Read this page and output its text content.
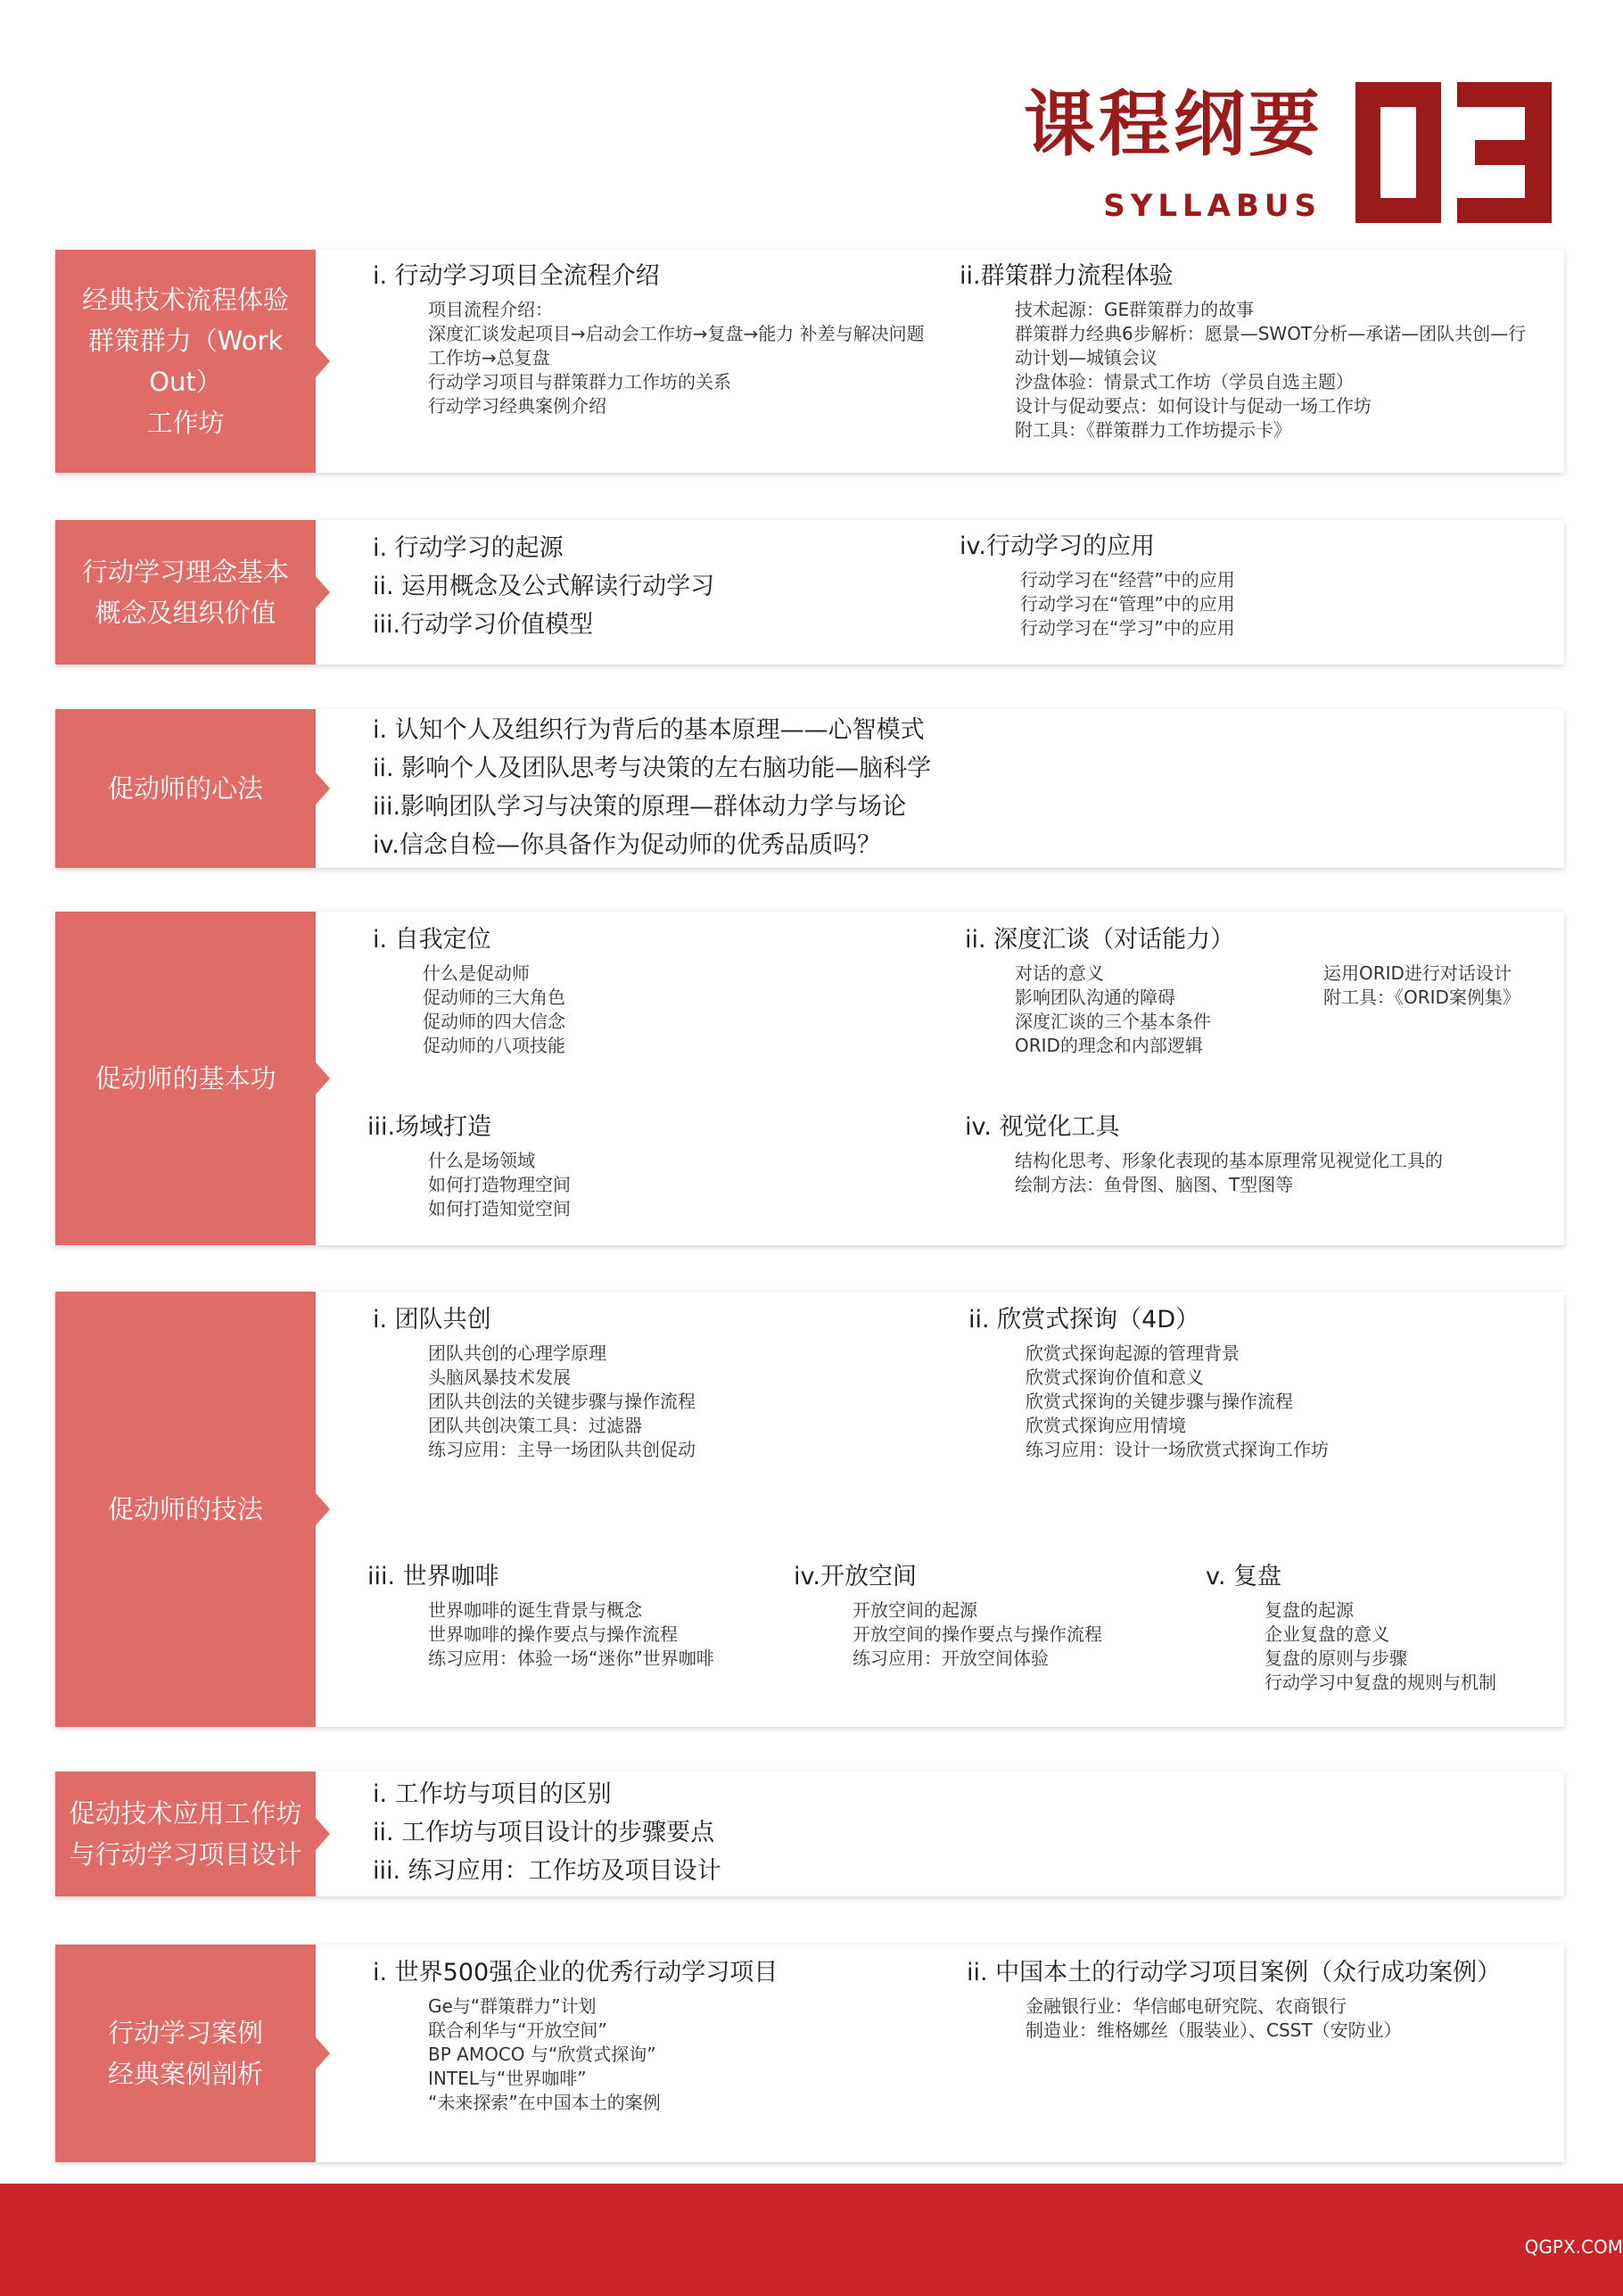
课程纲要
SYLLABUS
经典技术流程体验
群策群力（Work Out）
工作坊
i. 行动学习项目全流程介绍
项目流程介绍：
深度汇谈发起项目→启动会工作坊→复盘→能力 补差与解决问题工作坊→总复盘
行动学习项目与群策群力工作坊的关系
行动学习经典案例介绍
ii.群策群力流程体验
技术起源：GE群策群力的故事
群策群力经典6步解析：愿景—SWOT分析—承诺—团队共创—行动计划—城镇会议
沙盘体验：情景式工作坊（学员自选主题）
设计与促动要点：如何设计与促动一场工作坊
附工具：《群策群力工作坊提示卡》
行动学习理念基本
概念及组织价值
i. 行动学习的起源
ii. 运用概念及公式解读行动学习
iii.行动学习价值模型
iv.行动学习的应用
行动学习在“经营”中的应用
行动学习在“管理”中的应用
行动学习在“学习”中的应用
促动师的心法
i. 认知个人及组织行为背后的基本原理——心智模式
ii. 影响个人及团队思考与决策的左右脑功能—脑科学
iii.影响团队学习与决策的原理—群体动力学与场论
iv.信念自检—你具备作为促动师的优秀品质吗？
促动师的基本功
i. 自我定位
什么是促动师
促动师的三大角色
促动师的四大信念
促动师的八项技能
ii. 深度汇谈（对话能力）
对话的意义
影响团队沟通的障碍
深度汇谈的三个基本条件
ORID的理念和内部逻辑
运用ORID进行对话设计
附工具：《ORID案例集》
iii.场域打造
什么是场领域
如何打造物理空间
如何打造知觉空间
iv. 视觉化工具
结构化思考、形象化表现的基本原理常见视觉化工具的
绘制方法：鱼骨图、脑图、T型图等
促动师的技法
i. 团队共创
团队共创的心理学原理
头脑风暴技术发展
团队共创法的关键步骤与操作流程
团队共创决策工具：过滤器
练习应用：主导一场团队共创促动
ii. 欣赏式探询（4D）
欣赏式探询起源的管理背景
欣赏式探询价值和意义
欣赏式探询的关键步骤与操作流程
欣赏式探询应用情境
练习应用：设计一场欣赏式探询工作坊
iii. 世界咖啡
世界咖啡的诞生背景与概念
世界咖啡的操作要点与操作流程
练习应用：体验一场“迷你”世界咖啡
iv.开放空间
开放空间的起源
开放空间的操作要点与操作流程
练习应用：开放空间体验
v. 复盘
复盘的起源
企业复盘的意义
复盘的原则与步骤
行动学习中复盘的规则与机制
促动技术应用工作坊
与行动学习项目设计
i. 工作坊与项目的区别
ii. 工作坊与项目设计的步骤要点
iii. 练习应用：工作坊及项目设计
行动学习案例
经典案例剖析
i. 世界500强企业的优秀行动学习项目
Ge与“群策群力”计划
联合利华与“开放空间”
BP AMOCO 与“欣赏式探询”
INTEL与“世界咖啡”
“未来探索”在中国本土的案例
ii. 中国本土的行动学习项目案例（众行成功案例）
金融银行业：华信邮电研究院、农商银行
制造业：维格娜丝（服装业）、CSST（安防业）
QGPX.COM
